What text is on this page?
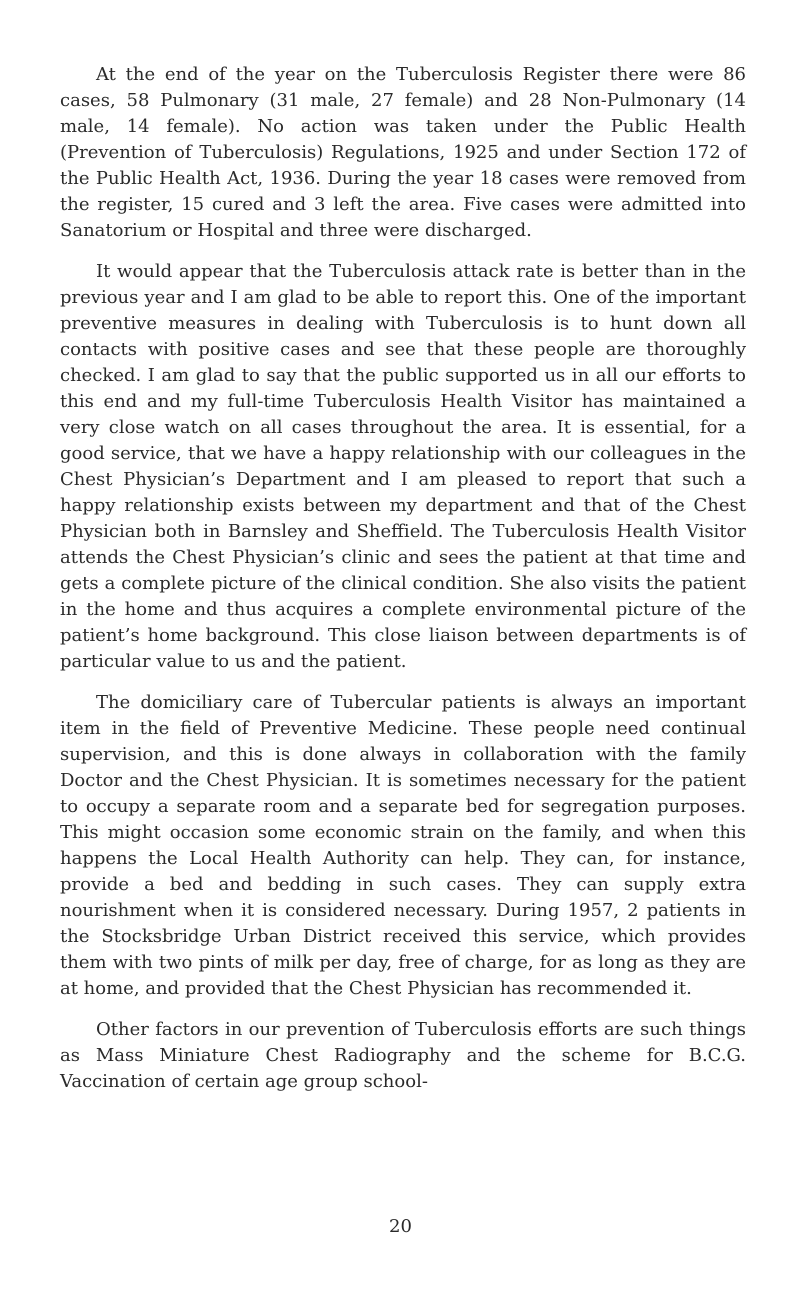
At the end of the year on the Tuberculosis Register there were 86 cases, 58 Pulmonary (31 male, 27 female) and 28 Non-Pulmonary (14 male, 14 female). No action was taken under the Public Health (Prevention of Tuberculosis) Regulations, 1925 and under Section 172 of the Public Health Act, 1936. During the year 18 cases were removed from the register, 15 cured and 3 left the area. Five cases were admitted into Sanatorium or Hospital and three were discharged.

It would appear that the Tuberculosis attack rate is better than in the previous year and I am glad to be able to report this. One of the important preventive measures in dealing with Tuberculosis is to hunt down all contacts with positive cases and see that these people are thoroughly checked. I am glad to say that the public supported us in all our efforts to this end and my full-time Tuberculosis Health Visitor has maintained a very close watch on all cases throughout the area. It is essential, for a good service, that we have a happy relationship with our colleagues in the Chest Physician’s Department and I am pleased to report that such a happy relationship exists between my department and that of the Chest Physician both in Barnsley and Sheffield. The Tuberculosis Health Visitor attends the Chest Physician’s clinic and sees the patient at that time and gets a complete picture of the clinical condition. She also visits the patient in the home and thus acquires a complete environmental picture of the patient’s home background. This close liaison between departments is of particular value to us and the patient.

The domiciliary care of Tubercular patients is always an important item in the field of Preventive Medicine. These people need continual supervision, and this is done always in collaboration with the family Doctor and the Chest Physician. It is sometimes necessary for the patient to occupy a separate room and a separate bed for segregation purposes. This might occasion some economic strain on the family, and when this happens the Local Health Authority can help. They can, for instance, provide a bed and bedding in such cases. They can supply extra nourishment when it is considered necessary. During 1957, 2 patients in the Stocksbridge Urban District received this service, which provides them with two pints of milk per day, free of charge, for as long as they are at home, and provided that the Chest Physician has recommended it.

Other factors in our prevention of Tuberculosis efforts are such things as Mass Miniature Chest Radiography and the scheme for B.C.G. Vaccination of certain age group school-

20
